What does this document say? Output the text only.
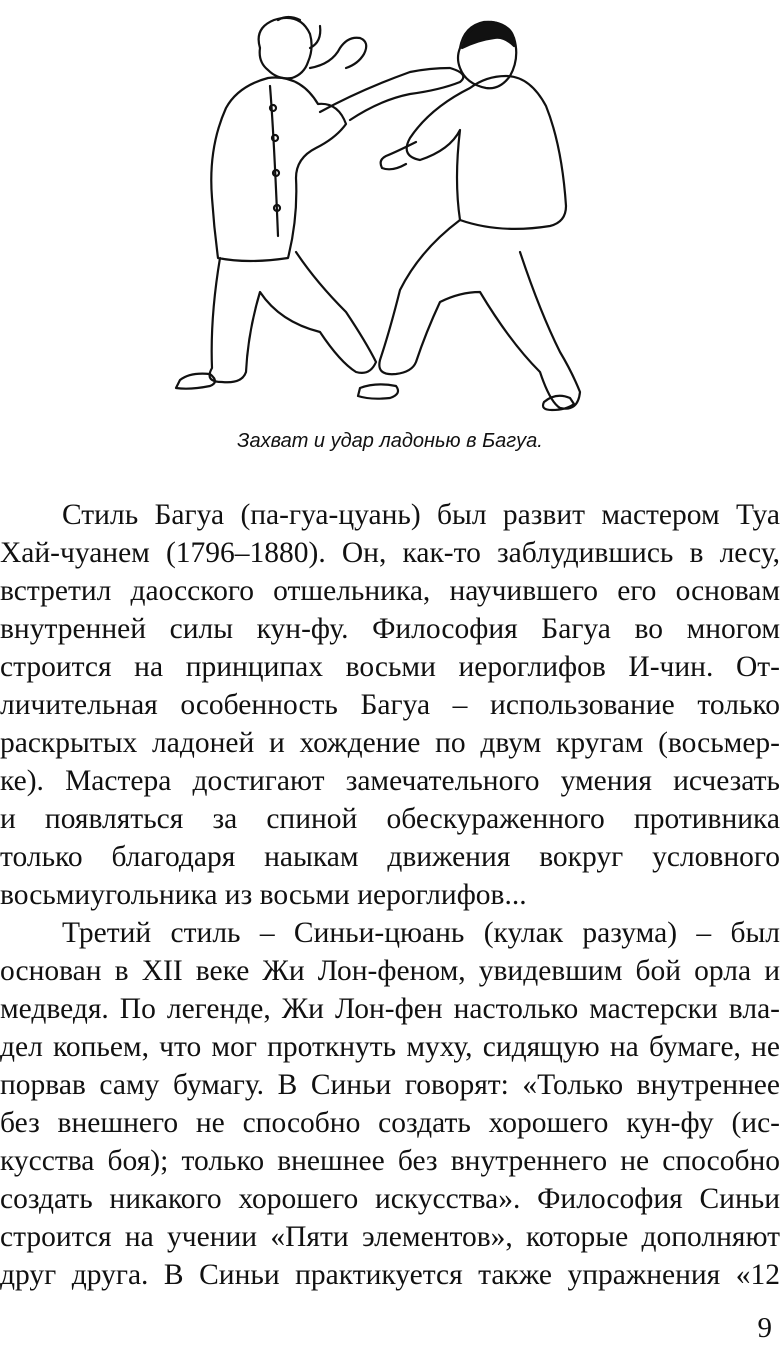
Захват и удар ладонью в Багуа.
Стиль Багуа (па-гуа-цуань) был развит мастером Туа
Хай-чуанем (1796–1880). Он, как-то заблудившись в лесу,
встретил даосского отшельника, научившего его основам
внутренней силы кун-фу. Философия Багуа во многом
строится на принципах восьми иероглифов И-чин. От-
личительная особенность Багуа – использование только
раскрытых ладоней и хождение по двум кругам (восьмер-
ке). Мастера достигают замечательного умения исчезать
и появляться за спиной обескураженного противника
только благодаря наыкам движения вокруг условного
восьмиугольника из восьми иероглифов...
Третий стиль – Синьи-цюань (кулак разума) – был
основан в XII веке Жи Лон-феном, увидевшим бой орла и
медведя. По легенде, Жи Лон-фен настолько мастерски вла-
дел копьем, что мог проткнуть муху, сидящую на бумаге, не
порвав саму бумагу. В Синьи говорят: «Только внутреннее
без внешнего не способно создать хорошего кун-фу (ис-
кусства боя); только внешнее без внутреннего не способно
создать никакого хорошего искусства». Философия Синьи
строится на учении «Пяти элементов», которые дополняют
друг друга. В Синьи практикуется также упражнения «12
9
